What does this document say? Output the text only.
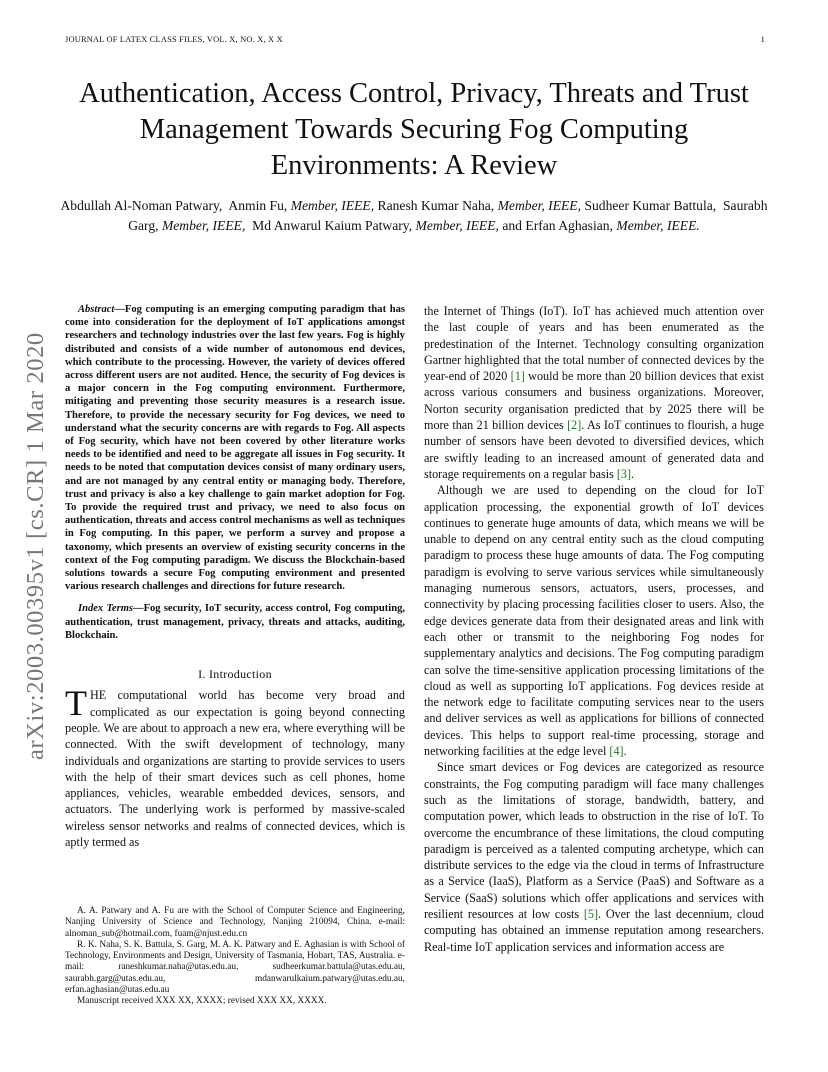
JOURNAL OF LATEX CLASS FILES, VOL. X, NO. X, X X	1
Authentication, Access Control, Privacy, Threats and Trust Management Towards Securing Fog Computing Environments: A Review
Abdullah Al-Noman Patwary, Anmin Fu, Member, IEEE, Ranesh Kumar Naha, Member, IEEE, Sudheer Kumar Battula, Saurabh Garg, Member, IEEE, Md Anwarul Kaium Patwary, Member, IEEE, and Erfan Aghasian, Member, IEEE.
arXiv:2003.00395v1 [cs.CR] 1 Mar 2020

Abstract—Fog computing is an emerging computing paradigm that has come into consideration for the deployment of IoT applications amongst researchers and technology industries over the last few years. Fog is highly distributed and consists of a wide number of autonomous end devices, which contribute to the processing. However, the variety of devices offered across different users are not audited. Hence, the security of Fog devices is a major concern in the Fog computing environment. Furthermore, mitigating and preventing those security measures is a research issue. Therefore, to provide the necessary security for Fog devices, we need to understand what the security concerns are with regards to Fog. All aspects of Fog security, which have not been covered by other literature works needs to be identified and need to be aggregate all issues in Fog security. It needs to be noted that computation devices consist of many ordinary users, and are not managed by any central entity or managing body. Therefore, trust and privacy is also a key challenge to gain market adoption for Fog. To provide the required trust and privacy, we need to also focus on authentication, threats and access control mechanisms as well as techniques in Fog computing. In this paper, we perform a survey and propose a taxonomy, which presents an overview of existing security concerns in the context of the Fog computing paradigm. We discuss the Blockchain-based solutions towards a secure Fog computing environment and presented various research challenges and directions for future research.

Index Terms—Fog security, IoT security, access control, Fog computing, authentication, trust management, privacy, threats and attacks, auditing, Blockchain.

I. Introduction

THE computational world has become very broad and complicated as our expectation is going beyond connecting people. We are about to approach a new era, where everything will be connected. With the swift development of technology, many individuals and organizations are starting to provide services to users with the help of their smart devices such as cell phones, home appliances, vehicles, wearable embedded devices, sensors, and actuators. The underlying work is performed by massive-scaled wireless sensor networks and realms of connected devices, which is aptly termed as

A. A. Patwary and A. Fu are with the School of Computer Science and Engineering, Nanjing University of Science and Technology, Nanjing 210094, China. e-mail: alnoman_sub@hotmail.com, fuam@njust.edu.cn

R. K. Naha, S. K. Battula, S. Garg, M. A. K. Patwary and E. Aghasian is with School of Technology, Environments and Design, University of Tasmania, Hobart, TAS, Australia. e-mail: raneshkumar.naha@utas.edu.au, sudheerkumar.battula@utas.edu.au, saurabh.garg@utas.edu.au, mdanwarulkaium.patwary@utas.edu.au, erfan.aghasian@utas.edu.au

Manuscript received XXX XX, XXXX; revised XXX XX, XXXX.

the Internet of Things (IoT). IoT has achieved much attention over the last couple of years and has been enumerated as the predestination of the Internet. Technology consulting organization Gartner highlighted that the total number of connected devices by the year-end of 2020 [1] would be more than 20 billion devices that exist across various consumers and business organizations. Moreover, Norton security organisation predicted that by 2025 there will be more than 21 billion devices [2]. As IoT continues to flourish, a huge number of sensors have been devoted to diversified devices, which are swiftly leading to an increased amount of generated data and storage requirements on a regular basis [3].

Although we are used to depending on the cloud for IoT application processing, the exponential growth of IoT devices continues to generate huge amounts of data, which means we will be unable to depend on any central entity such as the cloud computing paradigm to process these huge amounts of data. The Fog computing paradigm is evolving to serve various services while simultaneously managing numerous sensors, actuators, users, processes, and connectivity by placing processing facilities closer to users. Also, the edge devices generate data from their designated areas and link with each other or transmit to the neighboring Fog nodes for supplementary analytics and decisions. The Fog computing paradigm can solve the time-sensitive application processing limitations of the cloud as well as supporting IoT applications. Fog devices reside at the network edge to facilitate computing services near to the users and deliver services as well as applications for billions of connected devices. This helps to support real-time processing, storage and networking facilities at the edge level [4].

Since smart devices or Fog devices are categorized as resource constraints, the Fog computing paradigm will face many challenges such as the limitations of storage, bandwidth, battery, and computation power, which leads to obstruction in the rise of IoT. To overcome the encumbrance of these limitations, the cloud computing paradigm is perceived as a talented computing archetype, which can distribute services to the edge via the cloud in terms of Infrastructure as a Service (IaaS), Platform as a Service (PaaS) and Software as a Service (SaaS) solutions which offer applications and services with resilient resources at low costs [5]. Over the last decennium, cloud computing has obtained an immense reputation among researchers. Real-time IoT application services and information access are
